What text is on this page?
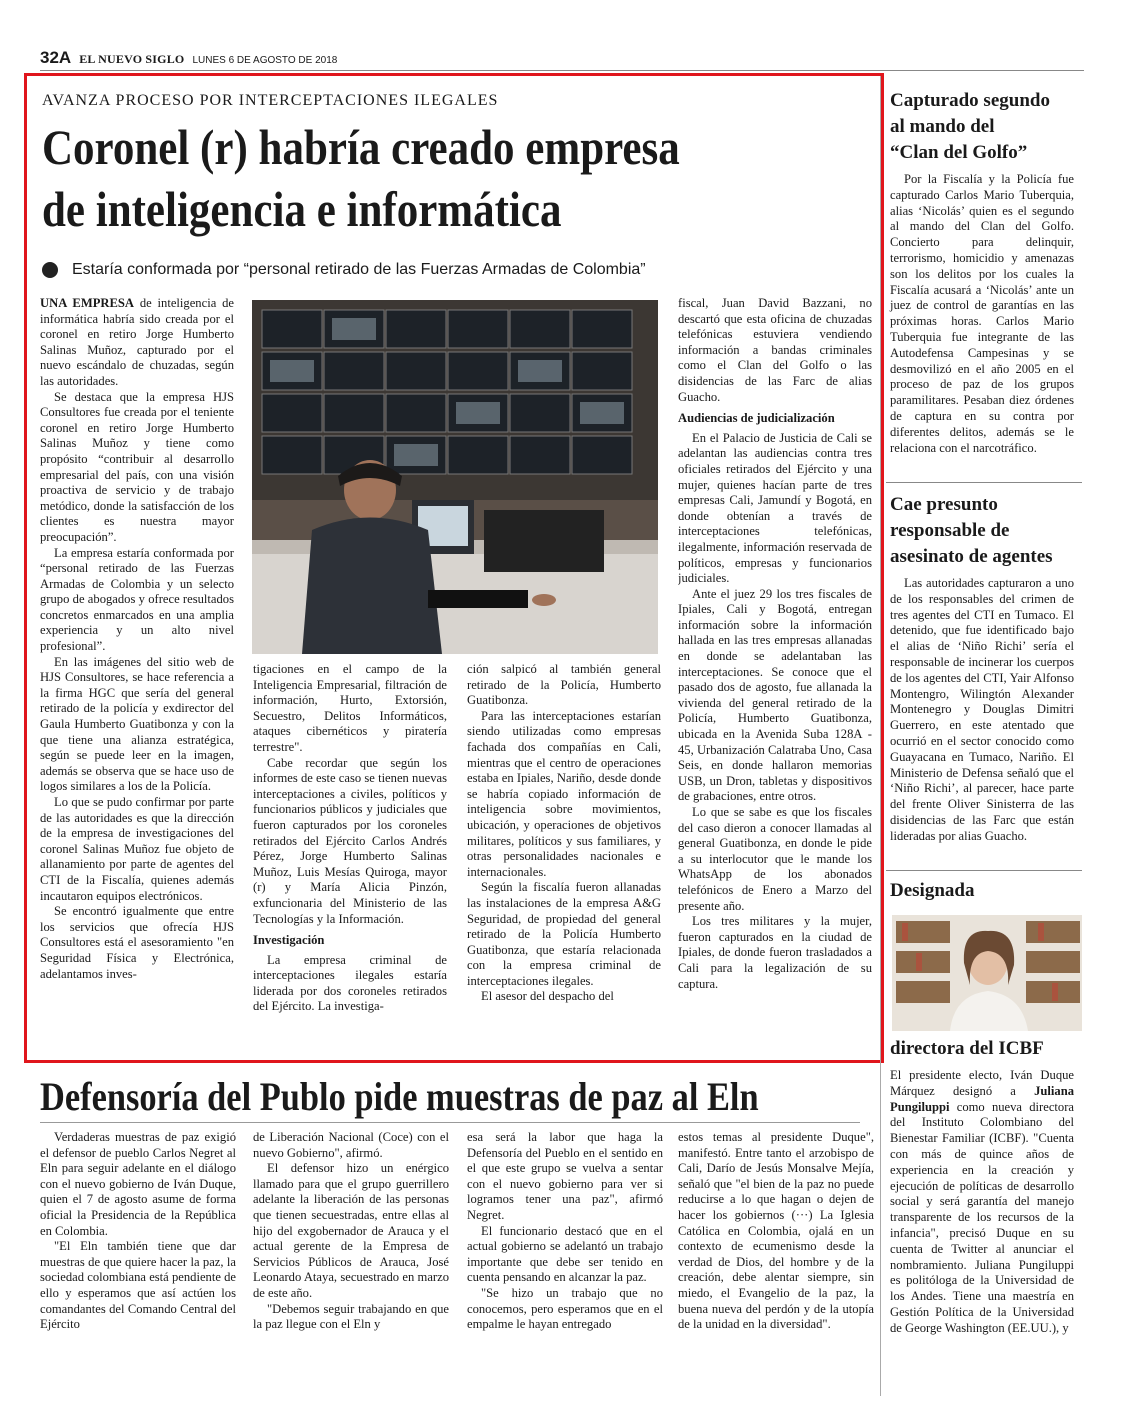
32A EL NUEVO SIGLO LUNES 6 DE AGOSTO DE 2018
AVANZA PROCESO POR INTERCEPTACIONES ILEGALES
Coronel (r) habría creado empresa
de inteligencia e informática
Estaría conformada por “personal retirado de las Fuerzas Armadas de Colombia”

UNA EMPRESA de inteligencia de informática habría sido creada por el coronel en retiro Jorge Humberto Salinas Muñoz, capturado por el nuevo escándalo de chuzadas, según las autoridades.

Se destaca que la empresa HJS Consultores fue creada por el teniente coronel en retiro Jorge Humberto Salinas Muñoz y tiene como propósito “contribuir al desarrollo empresarial del país, con una visión proactiva de servicio y de trabajo metódico, donde la satisfacción de los clientes es nuestra mayor preocupación”.

La empresa estaría conformada por “personal retirado de las Fuerzas Armadas de Colombia y un selecto grupo de abogados y ofrece resultados concretos enmarcados en una amplia experiencia y un alto nivel profesional”.

En las imágenes del sitio web de HJS Consultores, se hace referencia a la firma HGC que sería del general retirado de la policía y exdirector del Gaula Humberto Guatibonza y con la que tiene una alianza estratégica, según se puede leer en la imagen, además se observa que se hace uso de logos similares a los de la Policía.

Lo que se pudo confirmar por parte de las autoridades es que la dirección de la empresa de investigaciones del coronel Salinas Muñoz fue objeto de allanamiento por parte de agentes del CTI de la Fiscalía, quienes además incautaron equipos electrónicos.

Se encontró igualmente que entre los servicios que ofrecía HJS Consultores está el asesoramiento "en Seguridad Física y Electrónica, adelantamos inves-

tigaciones en el campo de la Inteligencia Empresarial, filtración de información, Hurto, Extorsión, Secuestro, Delitos Informáticos, ataques cibernéticos y piratería terrestre".

Cabe recordar que según los informes de este caso se tienen nuevas interceptaciones a civiles, políticos y funcionarios públicos y judiciales que fueron capturados por los coroneles retirados del Ejército Carlos Andrés Pérez, Jorge Humberto Salinas Muñoz, Luis Mesías Quiroga, mayor (r) y María Alicia Pinzón, exfuncionaria del Ministerio de las Tecnologías y la Información.

Investigación

La empresa criminal de interceptaciones ilegales estaría liderada por dos coroneles retirados del Ejército. La investiga-

ción salpicó al también general retirado de la Policía, Humberto Guatibonza.

Para las interceptaciones estarían siendo utilizadas como empresas fachada dos compañías en Cali, mientras que el centro de operaciones estaba en Ipiales, Nariño, desde donde se habría copiado información de inteligencia sobre movimientos, ubicación, y operaciones de objetivos militares, políticos y sus familiares, y otras personalidades nacionales e internacionales.

Según la fiscalía fueron allanadas las instalaciones de la empresa A&G Seguridad, de propiedad del general retirado de la Policía Humberto Guatibonza, que estaría relacionada con la empresa criminal de interceptaciones ilegales.

El asesor del despacho del

fiscal, Juan David Bazzani, no descartó que esta oficina de chuzadas telefónicas estuviera vendiendo información a bandas criminales como el Clan del Golfo o las disidencias de las Farc de alias Guacho.

Audiencias de judicialización

En el Palacio de Justicia de Cali se adelantan las audiencias contra tres oficiales retirados del Ejército y una mujer, quienes hacían parte de tres empresas Cali, Jamundí y Bogotá, en donde obtenían a través de interceptaciones telefónicas, ilegalmente, información reservada de políticos, empresas y funcionarios judiciales.

Ante el juez 29 los tres fiscales de Ipiales, Cali y Bogotá, entregan información sobre la información hallada en las tres empresas allanadas en donde se adelantaban las interceptaciones. Se conoce que el pasado dos de agosto, fue allanada la vivienda del general retirado de la Policía, Humberto Guatibonza, ubicada en la Avenida Suba 128A - 45, Urbanización Calatraba Uno, Casa Seis, en donde hallaron memorias USB, un Dron, tabletas y dispositivos de grabaciones, entre otros.

Lo que se sabe es que los fiscales del caso dieron a conocer llamadas al general Guatibonza, en donde le pide a su interlocutor que le mande los WhatsApp de los abonados telefónicos de Enero a Marzo del presente año.

Los tres militares y la mujer, fueron capturados en la ciudad de Ipiales, de donde fueron trasladados a Cali para la legalización de su captura.

Capturado segundo
al mando del
“Clan del Golfo”

Por la Fiscalía y la Policía fue capturado Carlos Mario Tuberquia, alias ‘Nicolás’ quien es el segundo al mando del Clan del Golfo. Concierto para delinquir, terrorismo, homicidio y amenazas son los delitos por los cuales la Fiscalía acusará a ‘Nicolás’ ante un juez de control de garantías en las próximas horas. Carlos Mario Tuberquia fue integrante de las Autodefensa Campesinas y se desmovilizó en el año 2005 en el proceso de paz de los grupos paramilitares. Pesaban diez órdenes de captura en su contra por diferentes delitos, además se le relaciona con el narcotráfico.

Cae presunto
responsable de
asesinato de agentes

Las autoridades capturaron a uno de los responsables del crimen de tres agentes del CTI en Tumaco. El detenido, que fue identificado bajo el alias de ‘Niño Richi’ sería el responsable de incinerar los cuerpos de los agentes del CTI, Yair Alfonso Montengro, Wilingtón Alexander Montenegro y Douglas Dimitri Guerrero, en este atentado que ocurrió en el sector conocido como Guayacana en Tumaco, Nariño. El Ministerio de Defensa señaló que el ‘Niño Richi’, al parecer, hace parte del frente Oliver Sinisterra de las disidencias de las Farc que están lideradas por alias Guacho.

Designada
directora del ICBF

El presidente electo, Iván Duque Márquez designó a Juliana Pungiluppi como nueva directora del Instituto Colombiano del Bienestar Familiar (ICBF). "Cuenta con más de quince años de experiencia en la creación y ejecución de políticas de desarrollo social y será garantía del manejo transparente de los recursos de la infancia", precisó Duque en su cuenta de Twitter al anunciar el nombramiento. Juliana Pungiluppi es politóloga de la Universidad de los Andes. Tiene una maestría en Gestión Política de la Universidad de George Washington (EE.UU.), y

Defensoría del Publo pide muestras de paz al Eln

Verdaderas muestras de paz exigió el defensor de pueblo Carlos Negret al Eln para seguir adelante en el diálogo con el nuevo gobierno de Iván Duque, quien el 7 de agosto asume de forma oficial la Presidencia de la República en Colombia.

"El Eln también tiene que dar muestras de que quiere hacer la paz, la sociedad colombiana está pendiente de ello y esperamos que así actúen los comandantes del Comando Central del Ejército

de Liberación Nacional (Coce) con el nuevo Gobierno", afirmó.

El defensor hizo un enérgico llamado para que el grupo guerrillero adelante la liberación de las personas que tienen secuestradas, entre ellas al hijo del exgobernador de Arauca y el actual gerente de la Empresa de Servicios Públicos de Arauca, José Leonardo Ataya, secuestrado en marzo de este año.

"Debemos seguir trabajando en que la paz llegue con el Eln y

esa será la labor que haga la Defensoría del Pueblo en el sentido en el que este grupo se vuelva a sentar con el nuevo gobierno para ver si logramos tener una paz", afirmó Negret.

El funcionario destacó que en el actual gobierno se adelantó un trabajo importante que debe ser tenido en cuenta pensando en alcanzar la paz.

"Se hizo un trabajo que no conocemos, pero esperamos que en el empalme le hayan entregado

estos temas al presidente Duque", manifestó. Entre tanto el arzobispo de Cali, Darío de Jesús Monsalve Mejía, señaló que "el bien de la paz no puede reducirse a lo que hagan o dejen de hacer los gobiernos (···) La Iglesia Católica en Colombia, ojalá en un contexto de ecumenismo desde la verdad de Dios, del hombre y de la creación, debe alentar siempre, sin miedo, el Evangelio de la paz, la buena nueva del perdón y de la utopía de la unidad en la diversidad".
